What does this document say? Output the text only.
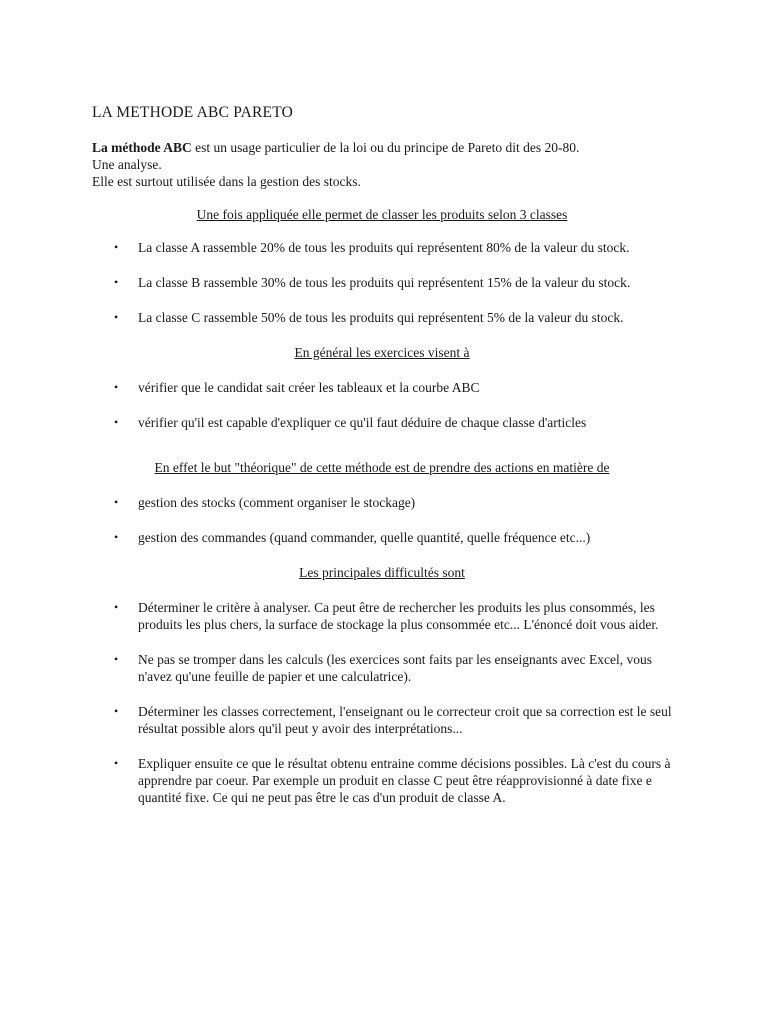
LA METHODE ABC PARETO

La méthode ABC est un usage particulier de la loi ou du principe de Pareto dit des 20-80.

Une analyse.

Elle est surtout utilisée dans la gestion des stocks.

Une fois appliquée elle permet de classer les produits selon 3 classes

• La classe A rassemble 20% de tous les produits qui représentent 80% de la valeur du stock.
• La classe B rassemble 30% de tous les produits qui représentent 15% de la valeur du stock.
• La classe C rassemble 50% de tous les produits qui représentent 5% de la valeur du stock.

En général les exercices visent à

• vérifier que le candidat sait créer les tableaux et la courbe ABC
• vérifier qu'il est capable d'expliquer ce qu'il faut déduire de chaque classe d'articles

En effet le but "théorique" de cette méthode est de prendre des actions en matière de

• gestion des stocks (comment organiser le stockage)
• gestion des commandes (quand commander, quelle quantité, quelle fréquence etc...)

Les principales difficultés sont

• Déterminer le critère à analyser. Ca peut être de rechercher les produits les plus consommés, les produits les plus chers, la surface de stockage la plus consommée etc... L'énoncé doit vous aider.
• Ne pas se tromper dans les calculs (les exercices sont faits par les enseignants avec Excel, vous n'avez qu'une feuille de papier et une calculatrice).
• Déterminer les classes correctement, l'enseignant ou le correcteur croit que sa correction est le seul résultat possible alors qu'il peut y avoir des interprétations...
• Expliquer ensuite ce que le résultat obtenu entraine comme décisions possibles. Là c'est du cours à apprendre par coeur. Par exemple un produit en classe C peut être réapprovisionné à date fixe e quantité fixe. Ce qui ne peut pas être le cas d'un produit de classe A.
